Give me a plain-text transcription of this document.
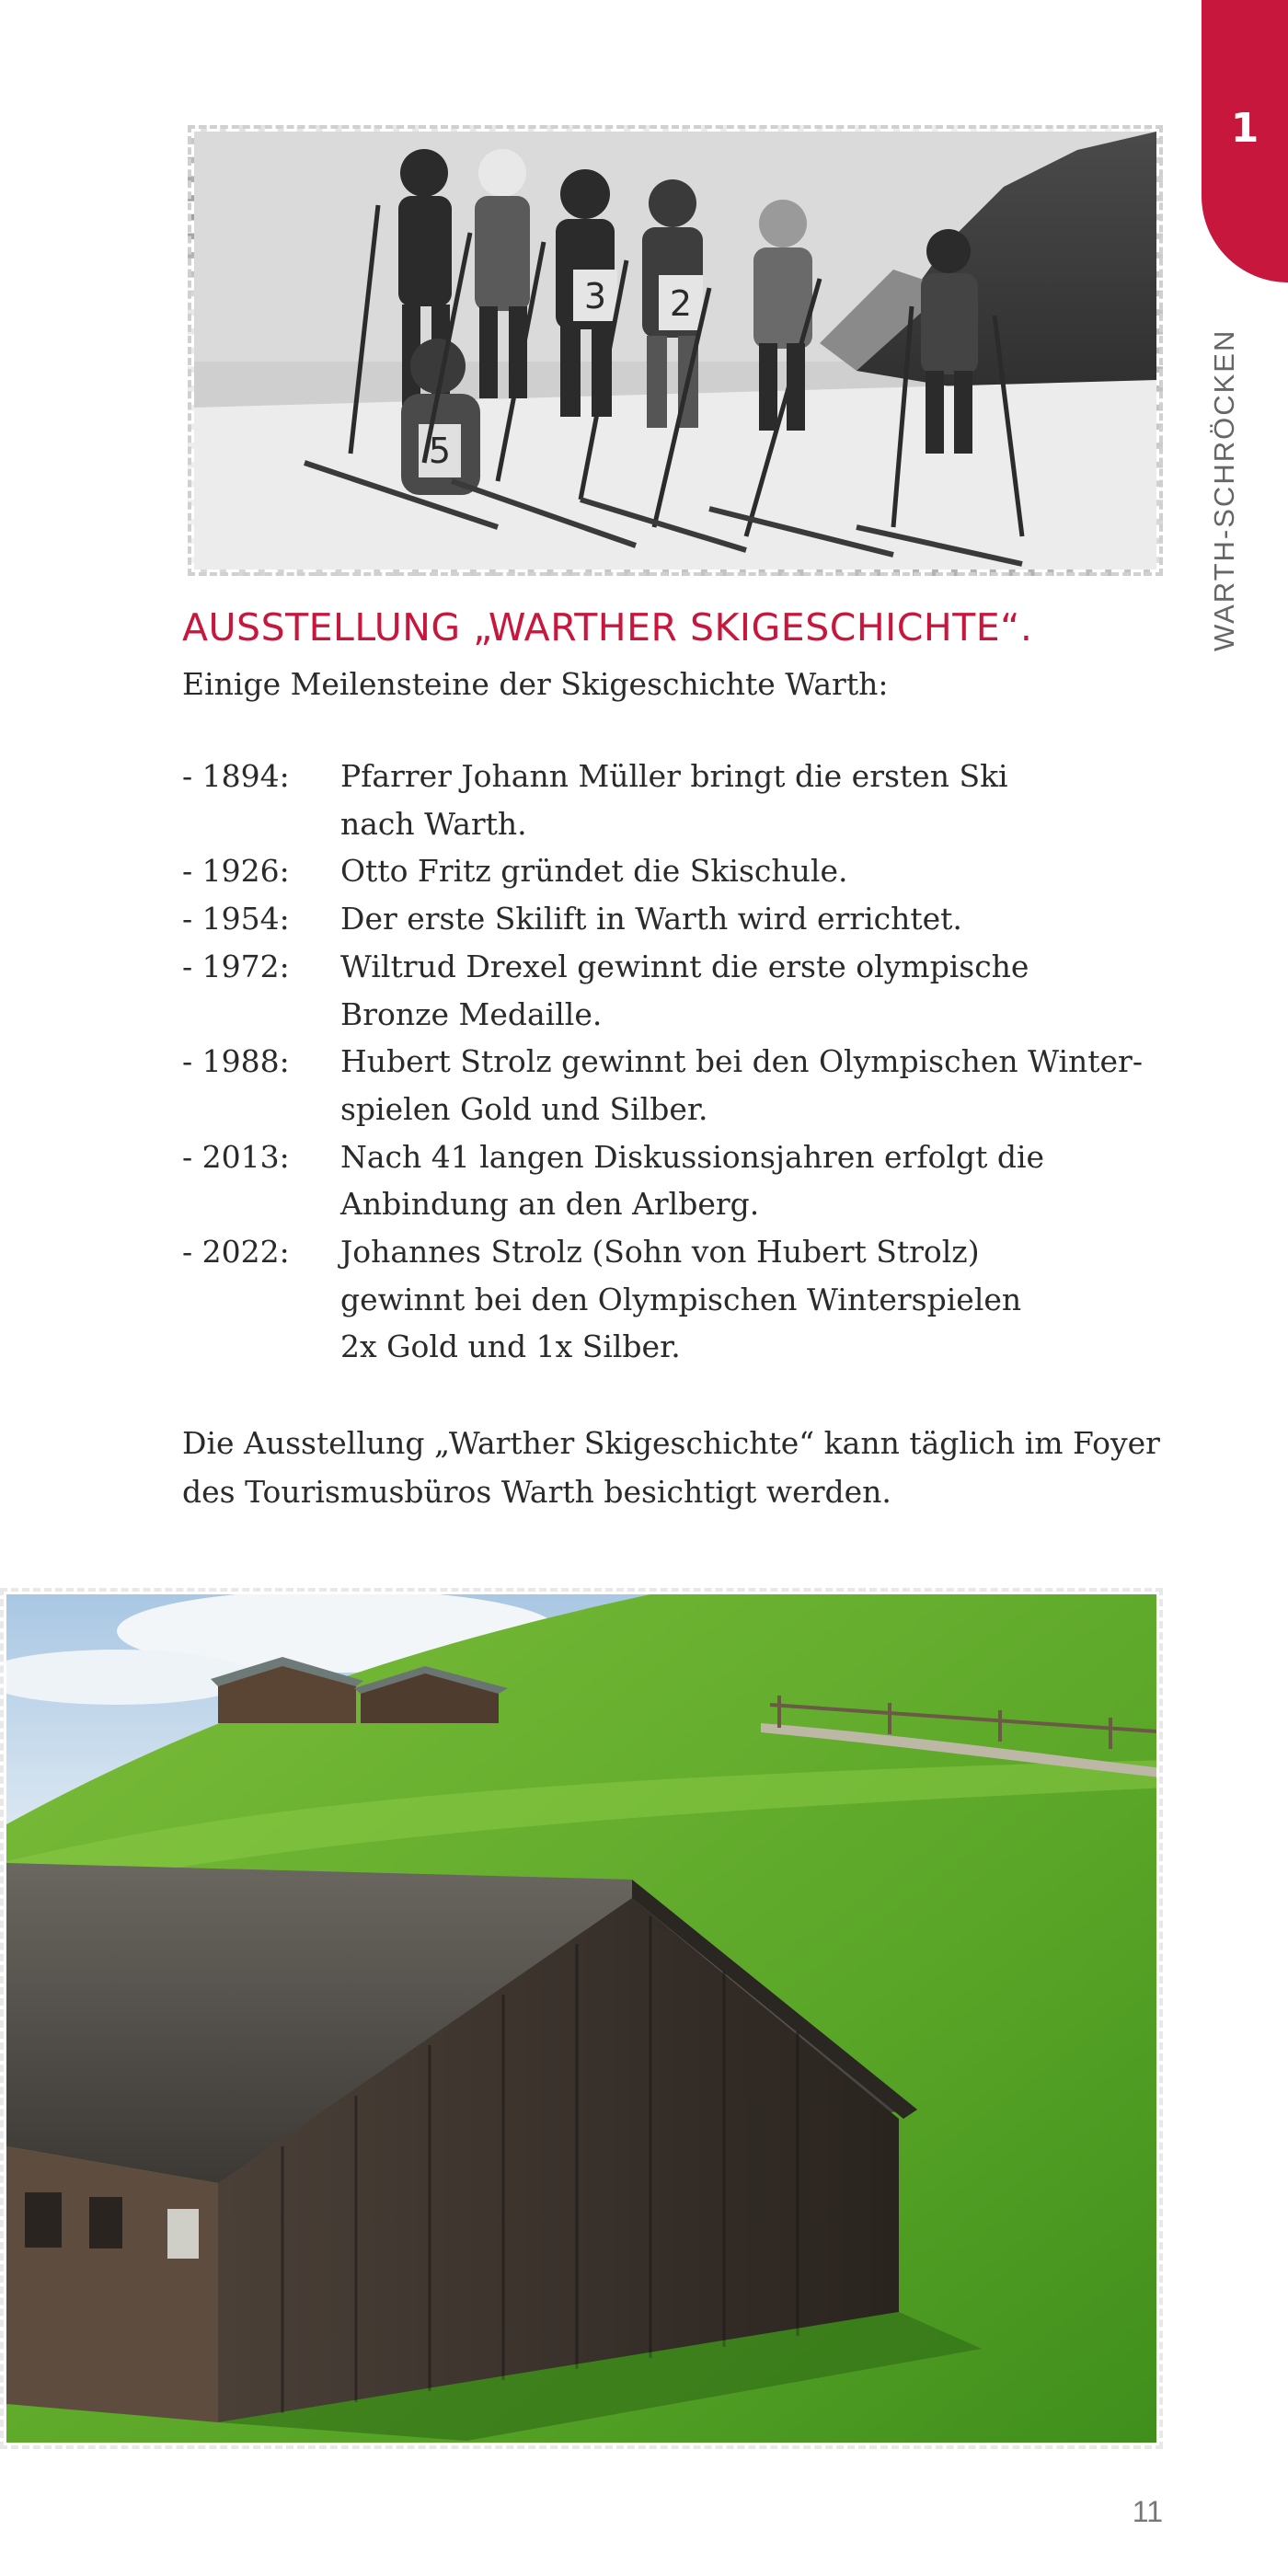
1
WARTH-SCHRÖCKEN
3 2
5
AUSSTELLUNG „WARTHER SKIGESCHICHTE“.
Einige Meilensteine der Skigeschichte Warth:
- 1894:	Pfarrer Johann Müller bringt die ersten Ski
nach Warth.
- 1926:	Otto Fritz gründet die Skischule.
- 1954:	Der erste Skilift in Warth wird errichtet.
- 1972:	Wiltrud Drexel gewinnt die erste olympische
Bronze Medaille.
- 1988:	Hubert Strolz gewinnt bei den Olympischen Winter-
spielen Gold und Silber.
- 2013:	Nach 41 langen Diskussionsjahren erfolgt die
Anbindung an den Arlberg.
- 2022:	Johannes Strolz (Sohn von Hubert Strolz)
gewinnt bei den Olympischen Winterspielen
2x Gold und 1x Silber.
Die Ausstellung „Warther Skigeschichte“ kann täglich im Foyer
des Tourismusbüros Warth besichtigt werden.
11
